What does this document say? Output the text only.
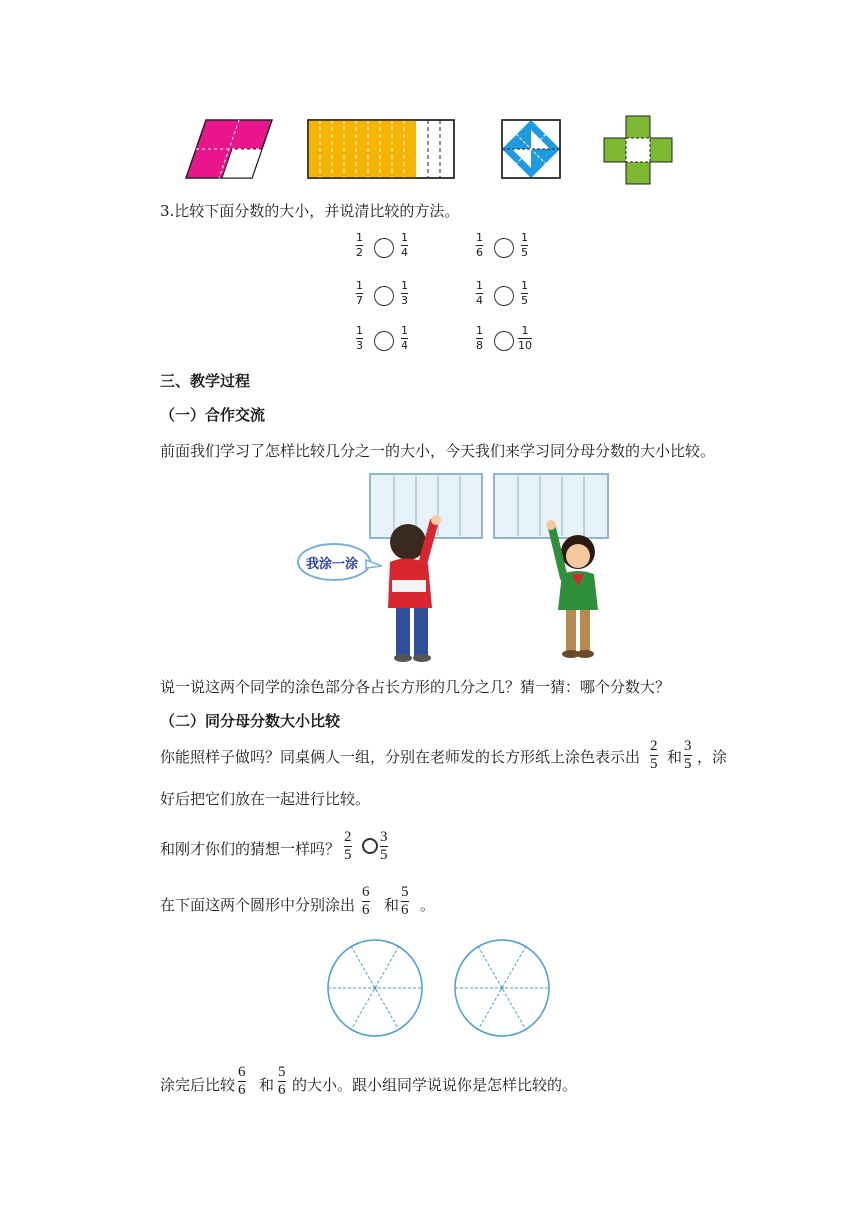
3.比较下面分数的大小，并说清比较的方法。
1
2
1
4
1
6
1
5
1
7
1
3
1
4
1
5
1
3
1
4
1
8
1
10
三、教学过程
（一）合作交流
前面我们学习了怎样比较几分之一的大小，今天我们来学习同分母分数的大小比较。
我涂一涂
说一说这两个同学的涂色部分各占长方形的几分之几？猜一猜：哪个分数大？
（二）同分母分数大小比较
你能照样子做吗？同桌俩人一组，分别在老师发的长方形纸上涂色表示出
2
5 和
3
5 ，涂
好后把它们放在一起进行比较。
和刚才你们的猜想一样吗？
2
5
3
5
在下面这两个圆形中分别涂出
6
6 和
5
6 。
涂完后比较
6
6 和
5
6 的大小。跟小组同学说说你是怎样比较的。
